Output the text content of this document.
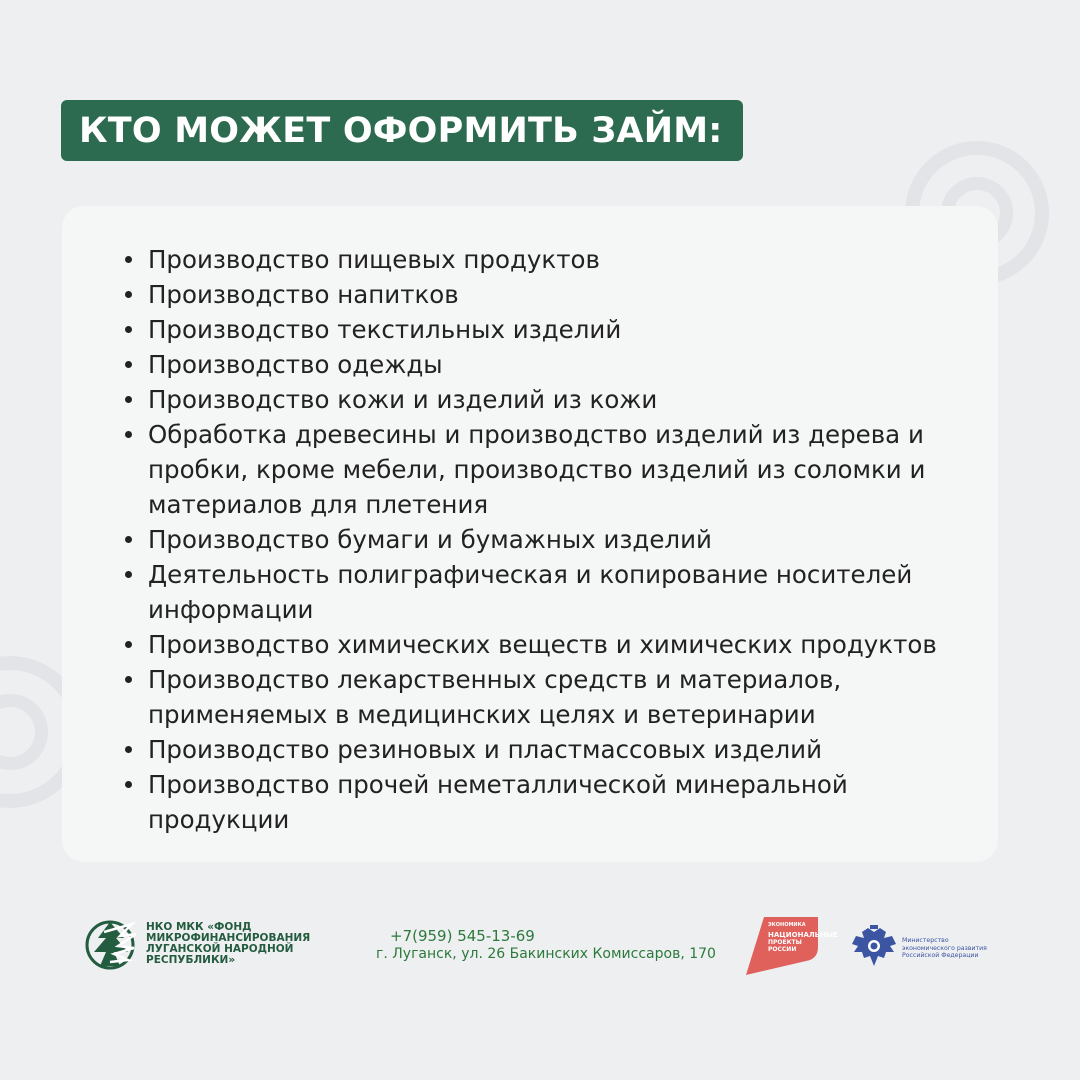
КТО МОЖЕТ ОФОРМИТЬ ЗАЙМ:
Производство пищевых продуктов
Производство напитков
Производство текстильных изделий
Производство одежды
Производство кожи и изделий из кожи
Обработка древесины и производство изделий из дерева и
пробки, кроме мебели, производство изделий из соломки и
материалов для плетения
Производство бумаги и бумажных изделий
Деятельность полиграфическая и копирование носителей
информации
Производство химических веществ и химических продуктов
Производство лекарственных средств и материалов,
применяемых в медицинских целях и ветеринарии
Производство резиновых и пластмассовых изделий
Производство прочей неметаллической минеральной
продукции
НКО МКК «ФОНД
МИКРОФИНАНСИРОВАНИЯ
ЛУГАНСКОЙ НАРОДНОЙ
РЕСПУБЛИКИ»
+7(959) 545-13-69
г. Луганск, ул. 26 Бакинских Комиссаров, 170
ЭКОНОМИКА
НАЦИОНАЛЬНЫЕ
ПРОЕКТЫ
РОССИИ
Министерство
экономического развития
Российской Федерации
